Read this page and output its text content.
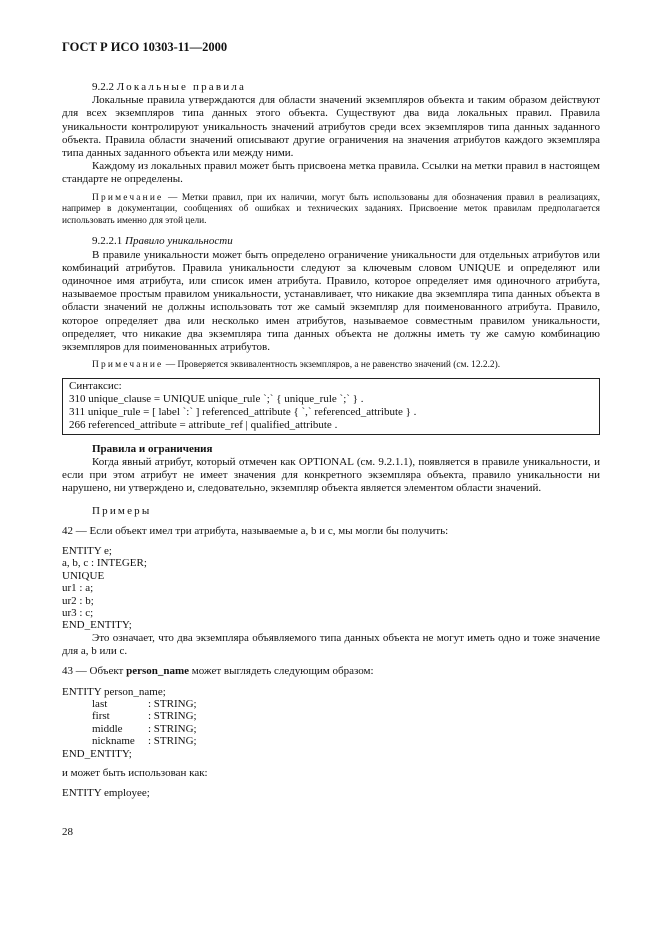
ГОСТ Р ИСО 10303-11—2000
9.2.2 Локальные правила

Локальные правила утверждаются для области значений экземпляров объекта и таким образом действуют для всех экземпляров типа данных этого объекта. Существуют два вида локальных правил. Правила уникальности контролируют уникальность значений атрибутов среди всех экземпляров типа данных заданного объекта. Правила области значений описывают другие ограничения на значения атрибутов каждого экземпляра типа данных заданного объекта или между ними.

Каждому из локальных правил может быть присвоена метка правила. Ссылки на метки правил в настоящем стандарте не определены.

Примечание — Метки правил, при их наличии, могут быть использованы для обозначения правил в реализациях, например в документации, сообщениях об ошибках и технических заданиях. Присвоение меток правилам предполагается использовать именно для этой цели.

9.2.2.1 Правило уникальности

В правиле уникальности может быть определено ограничение уникальности для отдельных атрибутов или комбинаций атрибутов. Правила уникальности следуют за ключевым словом UNIQUE и определяют или одиночное имя атрибута, или список имен атрибута. Правило, которое определяет имя одиночного атрибута, называемое простым правилом уникальности, устанавливает, что никакие два экземпляра типа данных объекта в области значений не должны использовать тот же самый экземпляр для поименованного атрибута. Правило, которое определяет два или несколько имен атрибутов, называемое совместным правилом уникальности, определяет, что никакие два экземпляра типа данных объекта не должны иметь ту же самую комбинацию экземпляров для поименованных атрибутов.

Примечание — Проверяется эквивалентность экземпляров, а не равенство значений (см. 12.2.2).

Синтаксис:
310 unique_clause = UNIQUE unique_rule `;` { unique_rule `;` } .
311 unique_rule = [ label `:` ] referenced_attribute { `,` referenced_attribute } .
266 referenced_attribute = attribute_ref | qualified_attribute .
Правила и ограничения

Когда явный атрибут, который отмечен как OPTIONAL (см. 9.2.1.1), появляется в правиле уникальности, и если при этом атрибут не имеет значения для конкретного экземпляра объекта, правило уникальности ни нарушено, ни утверждено и, следовательно, экземпляр объекта является элементом области значений.

Примеры

42 — Если объект имел три атрибута, называемые a, b и c, мы могли бы получить:

ENTITY e;
a, b, c : INTEGER;
UNIQUE
ur1 : a;
ur2 : b;
ur3 : c;
END_ENTITY;

Это означает, что два экземпляра объявляемого типа данных объекта не могут иметь одно и тоже значение для a, b или c.

43 — Объект person_name может выглядеть следующим образом:

ENTITY person_name;
last	: STRING;
first	: STRING;
middle : STRING;
nickname : STRING;
END_ENTITY;

и может быть использован как:

ENTITY employee;
28
